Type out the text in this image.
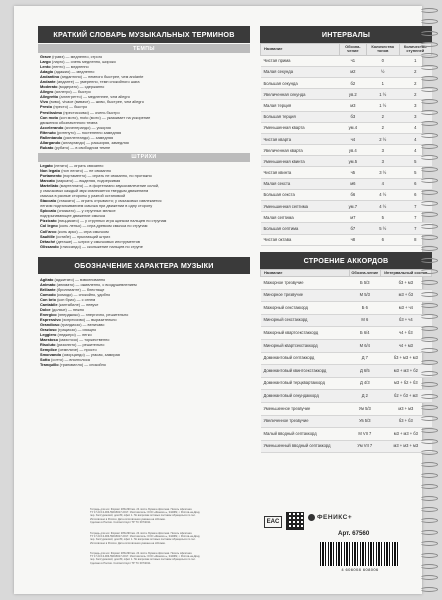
КРАТКИЙ СЛОВАРЬ МУЗЫКАЛЬНЫХ ТЕРМИНОВ
ТЕМПЫ
Grave (гравэ) — медленно, строго
Largo (ларго) — очень медленно, широко
Lento (ленто) — медленно
Adagio (адажио) — медленно
Andantino (андантино) — немного быстрее, чем andante
Andante (анданте) — умеренно, темп спокойного шага
Moderato (модерато) — сдержанно
Allegro (аллегро) — быстро
Allegretto (аллегретто) — медленнее, чем allegro
Vivo (виво), vivace (виваче) — живо, быстрее, чем allegro
Presto (престо) — быстро
Prestissimo (престиссимо) — очень быстро
Con moto (кон мото), moto (мото) — указывает на ускорение
движения обозначенного темпа
Accelerando (аччелерандо) — ускоряя
Ritenuto (ритенуто) — постепенно замедляя
Rallentando (раллентандо) — замедляя
Allargando (алларгандо) — расширяя, замедляя
Rubato (рубато) — в свободном темпе
ШТРИХИ
Legato (легато) — играть связанно
Non legato (нон легато) — не связанно
Portamento (портаменто) — играть не связанно, но протяжно
Marcato (маркато) — выделяя, подчеркивая
Martellato (мартеллато) — в фортепиано звукоизвлечение силой,
у смычковых каждый звук извлекается твердым движением
смычка в разные стороны у разной остановкой
Staccato (стаккато) — играть отрывисто; у смычковых извлекается
легким подталкиванием смычка при движении в одну сторону
Spiccato (спиккато) — у струнных мелкое
подпрыгивающее движение смычка
Pizzicato (пиццикато) — у струнных игра щипком пальцев по струнам
Col legno (коль леньо) — игра древком смычка по струнам
Coll'arco (коль арко) — игра смычком
Saultille (сотийе) — прыгающий штрих
Détaché (деташе) — штрих у смычковых инструментов
Glissando (глиссандо) — скольжение пальцев по струне
ОБОЗНАЧЕНИЕ ХАРАКТЕРА МУЗЫКИ
Agitato (аджитато) — взволнованно
Animato (анимато) — оживленно, с воодушевлением
Brillante (бриллианте) — блестяще
Comodo (комодо) — спокойно, удобно
Con brio (кон брио) — с огнем
Cantabile (кантабиле) — певуче
Dolce (дольче) — нежно
Energico (энерджико) — энергично, решительно
Espressivo (эспрессиво) — выразительно
Grandioso (грандиозо) — величаво
Grazioso (грациозо) — изящно
Leggiero (леджеро) — легко
Maestoso (маэстозо) — торжественно
Risoluto (ризолюто) — решительно
Semplice (семпличе) — просто
Smorzando (сморцандо) — угасая, замирая
Sotto (сотто) — вполголоса
Tranquillo (транквилло) — спокойно
ИНТЕРВАЛЫ
Название	Обозна-чение	Количество тонов	Количество ступеней
Чистая прима	ч1	0	1
Малая секунда	м2	½	2
Большая секунда	б2	1	2
Увеличенная секунда	ув.2	1 ½	2
Малая терция	м3	1 ½	3
Большая терция	б3	2	3
Уменьшенная кварта	ум.4	2	4
Чистая кварта	ч4	2 ½	4
Увеличенная кварта	ув.4	3	4
Уменьшенная квинта	ум.5	3	5
Чистая квинта	ч5	3 ½	5
Малая секста	м6	4	6
Большая секста	б6	4 ½	6
Уменьшенная септима	ум.7	4 ½	7
Малая септима	м7	5	7
Большая септима	б7	5 ½	7
Чистая октава	ч8	6	8
СТРОЕНИЕ АККОРДОВ
Название	Обозна-чение	Интервальный состав
Мажорное трезвучие	Б 5/3	б3 + м3
Минорное трезвучие	М 5/3	м3 + б3
Мажорный секстаккорд	Б 6	м3 + ч4
Минорный секстаккорд	М 6	б3 + ч4
Мажорный квартсекстаккорд	Б 6/4	ч4 + б3
Минорный квартсекстаккорд	М 6/4	ч4 + м3
Доминантовый септаккорд	Д 7	б3 + м3 + м3
Доминантовый квинтсекстаккорд	Д 6/5	м3 + м3 + б2
Доминантовый терцквартаккорд	Д 4/3	м3 + б2 + б3
Доминантовый секундаккорд	Д 2	б2 + б3 + м3
Уменьшенное трезвучие	Ум 5/3	м3 + м3
Увеличенное трезвучие	Ув 5/3	б3 + б3
Малый вводный септаккорд	М VII 7	м3 + м3 + б3
Уменьшенный вводный септаккорд	Ум VII 7	м3 + м3 + м3
Тетрадь для нот. Формат 205х290 мм. 24 листа. Бумага офсетная. Печать офсетная.
ТУ 17.23.13-003-59916617-2017. Изготовитель: ООО «Феникс+», 344082, г. Ростов-на-Дону,
пер. Халтуринский, дом 80, офис 1. По вопросам оптовых поставок обращаться по тел.
Изготовлено в России. Дата изготовления указана на обложке.
Сделано в России. Соответствует ТР ТС 007/2011.
Тетрадь для нот. Формат 205х290 мм. 24 листа. Бумага офсетная. Печать офсетная.
ТУ 17.23.13-003-59916617-2017. Изготовитель: ООО «Феникс+», 344082, г. Ростов-на-Дону,
пер. Халтуринский, дом 80, офис 1. По вопросам оптовых поставок обращаться по тел.
Изготовлено в России. Дата изготовления указана на обложке.
Тетрадь для нот. Формат 205х290 мм. 24 листа. Бумага офсетная. Печать офсетная.
ТУ 17.23.13-003-59916617-2017. Изготовитель: ООО «Феникс+», 344082, г. Ростов-на-Дону,
пер. Халтуринский, дом 80, офис 1. По вопросам оптовых поставок обращаться по тел.
Сделано в России. Соответствует ТР ТС 007/2011.
EAC
ФЕНИКС+
Арт. 67560
4 606008 608006
